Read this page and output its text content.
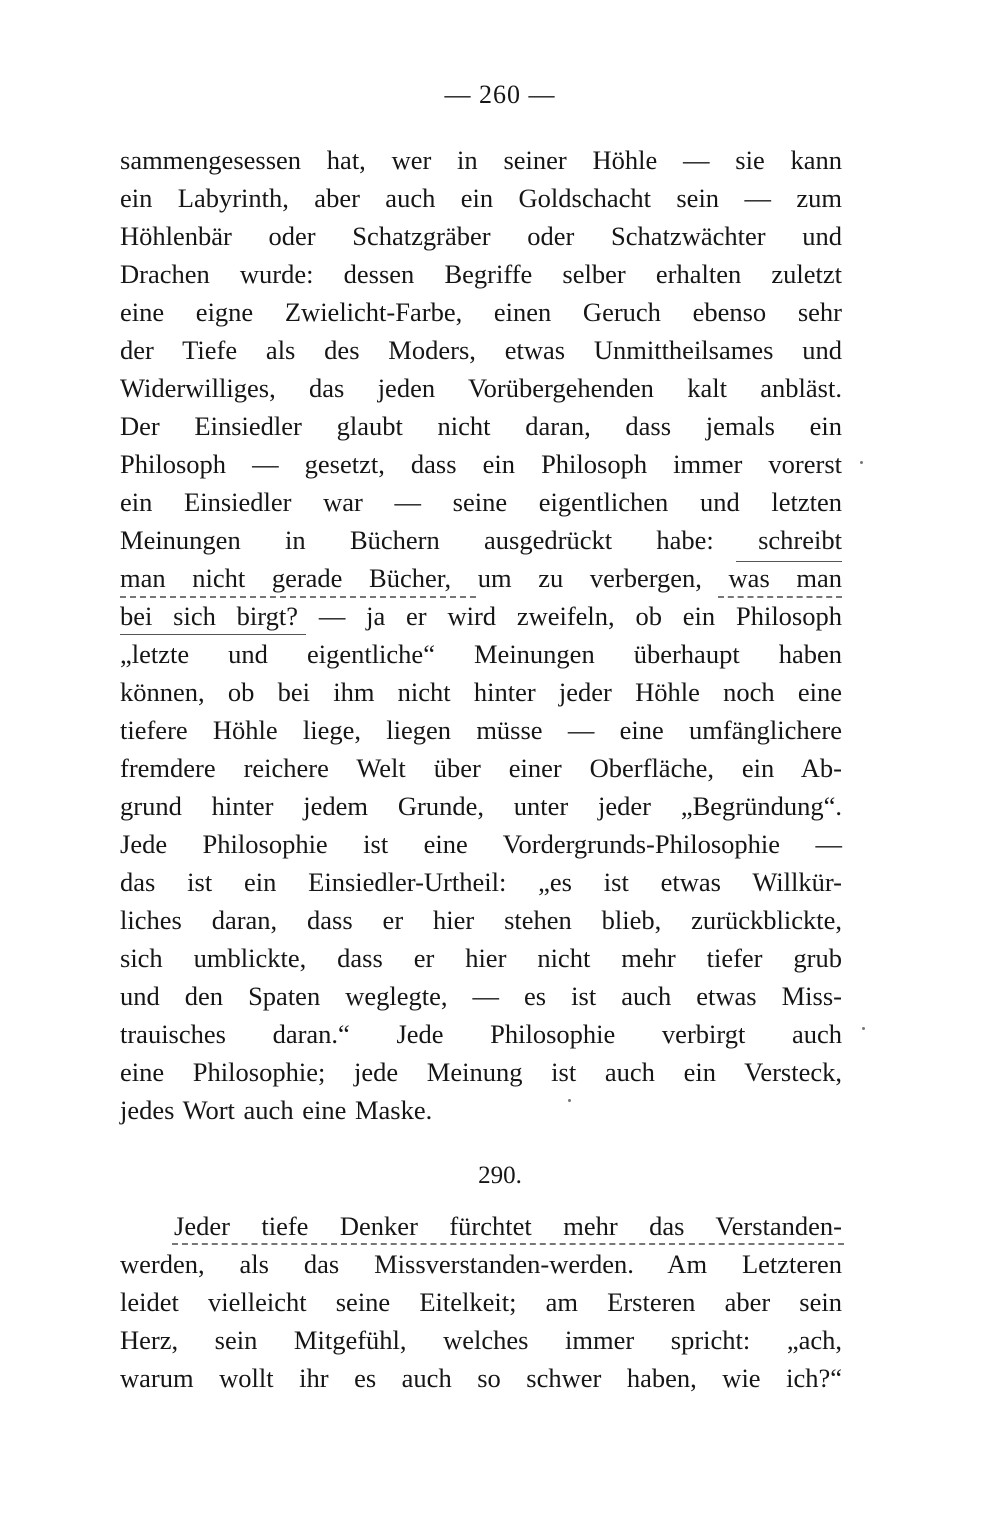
— 260 —
sammengesessen hat, wer in seiner Höhle — sie kann
ein Labyrinth, aber auch ein Goldschacht sein — zum
Höhlenbär oder Schatzgräber oder Schatzwächter und
Drachen wurde: dessen Begriffe selber erhalten zuletzt
eine eigne Zwielicht-Farbe, einen Geruch ebenso sehr
der Tiefe als des Moders, etwas Unmittheilsames und
Widerwilliges, das jeden Vorübergehenden kalt anbläst.
Der Einsiedler glaubt nicht daran, dass jemals ein
Philosoph — gesetzt, dass ein Philosoph immer vorerst
ein Einsiedler war — seine eigentlichen und letzten
Meinungen in Büchern ausgedrückt habe: schreibt
man nicht gerade Bücher, um zu verbergen, was man
bei sich birgt? — ja er wird zweifeln, ob ein Philosoph
„letzte und eigentliche“ Meinungen überhaupt haben
können, ob bei ihm nicht hinter jeder Höhle noch eine
tiefere Höhle liege, liegen müsse — eine umfänglichere
fremdere reichere Welt über einer Oberfläche, ein Ab-
grund hinter jedem Grunde, unter jeder „Begründung“.
Jede Philosophie ist eine Vordergrunds-Philosophie —
das ist ein Einsiedler-Urtheil: „es ist etwas Willkür-
liches daran, dass er hier stehen blieb, zurückblickte,
sich umblickte, dass er hier nicht mehr tiefer grub
und den Spaten weglegte, — es ist auch etwas Miss-
trauisches daran.“ Jede Philosophie verbirgt auch
eine Philosophie; jede Meinung ist auch ein Versteck,
jedes Wort auch eine Maske.
290.
Jeder tiefe Denker fürchtet mehr das Verstanden-
werden, als das Missverstanden-werden. Am Letzteren
leidet vielleicht seine Eitelkeit; am Ersteren aber sein
Herz, sein Mitgefühl, welches immer spricht: „ach,
warum wollt ihr es auch so schwer haben, wie ich?“
